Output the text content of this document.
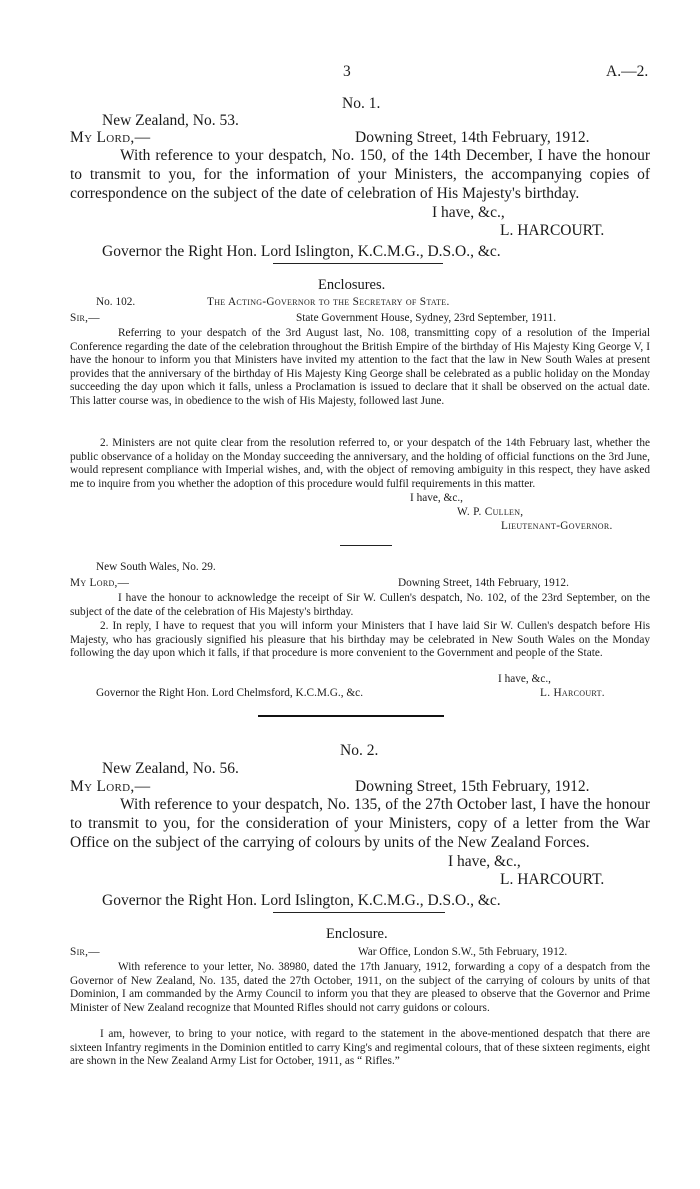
3	A.—2.
No. 1.
New Zealand, No. 53.
My Lord,—	Downing Street, 14th February, 1912.
With reference to your despatch, No. 150, of the 14th December, I have the honour to transmit to you, for the information of your Ministers, the accompanying copies of correspondence on the subject of the date of celebration of His Majesty's birthday.
I have, &c.,
L. HARCOURT.
Governor the Right Hon. Lord Islington, K.C.M.G., D.S.O., &c.
Enclosures.
No. 102.	The Acting-Governor to the Secretary of State.
Sir,—	State Government House, Sydney, 23rd September, 1911.
Referring to your despatch of the 3rd August last, No. 108, transmitting copy of a resolution of the Imperial Conference regarding the date of the celebration throughout the British Empire of the birthday of His Majesty King George V, I have the honour to inform you that Ministers have invited my attention to the fact that the law in New South Wales at present provides that the anniversary of the birthday of His Majesty King George shall be celebrated as a public holiday on the Monday succeeding the day upon which it falls, unless a Proclamation is issued to declare that it shall be observed on the actual date. This latter course was, in obedience to the wish of His Majesty, followed last June.
2. Ministers are not quite clear from the resolution referred to, or your despatch of the 14th February last, whether the public observance of a holiday on the Monday succeeding the anniversary, and the holding of official functions on the 3rd June, would represent compliance with Imperial wishes, and, with the object of removing ambiguity in this respect, they have asked me to inquire from you whether the adoption of this procedure would fulfil requirements in this matter.
I have, &c.,
W. P. Cullen,
Lieutenant-Governor.
New South Wales, No. 29.
My Lord,—	Downing Street, 14th February, 1912.
I have the honour to acknowledge the receipt of Sir W. Cullen's despatch, No. 102, of the 23rd September, on the subject of the date of the celebration of His Majesty's birthday.
2. In reply, I have to request that you will inform your Ministers that I have laid Sir W. Cullen's despatch before His Majesty, who has graciously signified his pleasure that his birthday may be celebrated in New South Wales on the Monday following the day upon which it falls, if that procedure is more convenient to the Government and people of the State.
I have, &c.,
Governor the Right Hon. Lord Chelmsford, K.C.M.G., &c.	L. Harcourt.
No. 2.
New Zealand, No. 56.
My Lord,—	Downing Street, 15th February, 1912.
With reference to your despatch, No. 135, of the 27th October last, I have the honour to transmit to you, for the consideration of your Ministers, copy of a letter from the War Office on the subject of the carrying of colours by units of the New Zealand Forces.
I have, &c.,
L. HARCOURT.
Governor the Right Hon. Lord Islington, K.C.M.G., D.S.O., &c.
Enclosure.
Sir,—	War Office, London S.W., 5th February, 1912.
With reference to your letter, No. 38980, dated the 17th January, 1912, forwarding a copy of a despatch from the Governor of New Zealand, No. 135, dated the 27th October, 1911, on the subject of the carrying of colours by units of that Dominion, I am commanded by the Army Council to inform you that they are pleased to observe that the Governor and Prime Minister of New Zealand recognize that Mounted Rifles should not carry guidons or colours.
I am, however, to bring to your notice, with regard to the statement in the above-mentioned despatch that there are sixteen Infantry regiments in the Dominion entitled to carry King's and regimental colours, that of these sixteen regiments, eight are shown in the New Zealand Army List for October, 1911, as “ Rifles.”
